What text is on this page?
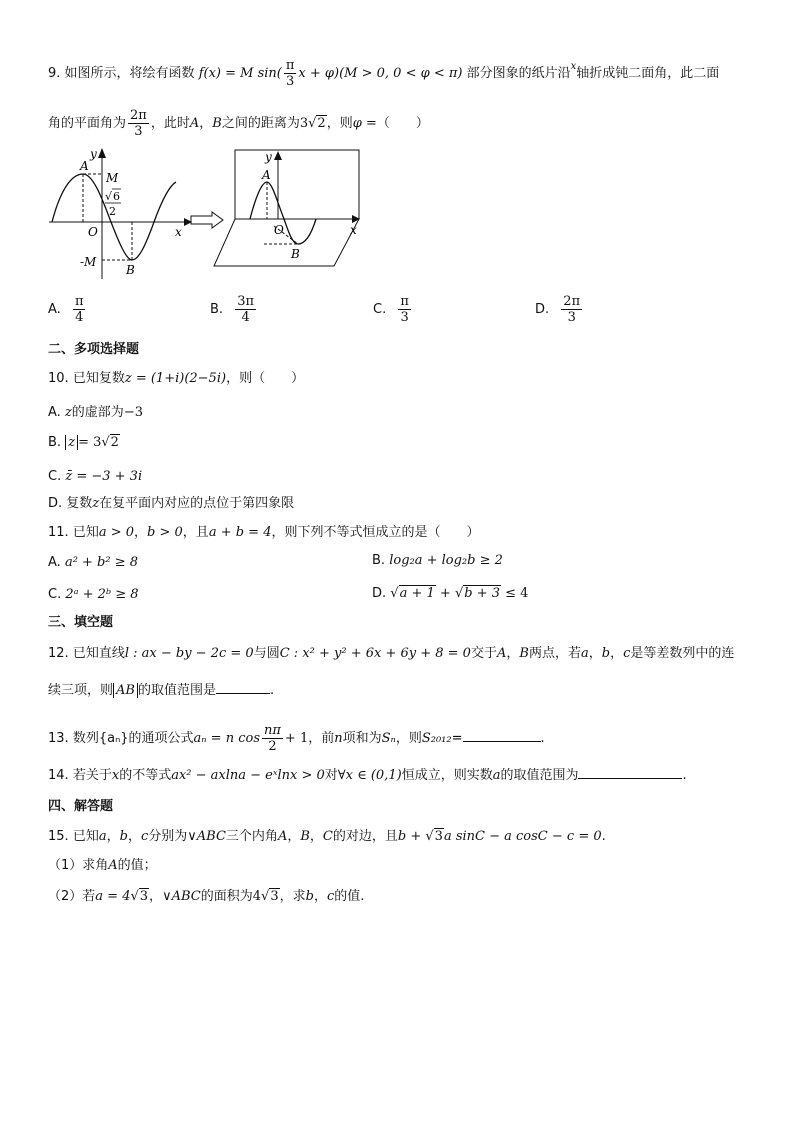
9. 如图所示，将绘有函数 f(x) = M $\sin( \frac{\pi}{3}$ x + φ)(M > 0, 0 < φ < π) 部分图象的纸片沿$^x$轴折成钝二面角，此二面
角的平面角为 $\frac{2\pi}{3}$ ，此时A，B之间的距离为3√2，则φ =（　　）
y
A
M
√ 6
2
O	x
-M
B
y
A
O	x
B
A. $\frac{\pi}{4}$	B. $\frac{3\pi}{4}$	C. $\frac{\pi}{3}$	D. $\frac{2\pi}{3}$
二、多项选择题
10. 已知复数z = (1+i)(2−5i)，则（　　）
A. z的虚部为−3
B. z = 3√2
C. z̄ = −3 + 3i
D. 复数z在复平面内对应的点位于第四象限
11. 已知a > 0，b > 0，且a + b = 4，则下列不等式恒成立的是（　　）
A. a² + b² ≥ 8	B. log₂a + log₂b ≥ 2
C. 2ᵃ + 2ᵇ ≥ 8	D. √a + 1 + √b + 3 ≤ 4
三、填空题
12. 已知直线l : ax − by − 2c = 0与圆C : x² + y² + 6x + 6y + 8 = 0交于A，B两点，若a，b，c是等差数列中的连
续三项，则 AB 的取值范围是	.
13. 数列{aₙ}的通项公式aₙ = n $\cos \frac{n\pi}{2} + 1$，前n项和为Sₙ，则S₂₀₁₂=	.
14. 若关于x的不等式ax² − axlna − eˣlnx > 0对∀x ∈ (0,1)恒成立，则实数a的取值范围为	.
四、解答题
15. 已知a，b，c分别为∨ABC三个内角A，B，C的对边，且b + √3a sinC − a cosC − c = 0.
（1）求角A的值；
（2）若a = 4√3，∨ABC的面积为4√3，求b，c的值.
